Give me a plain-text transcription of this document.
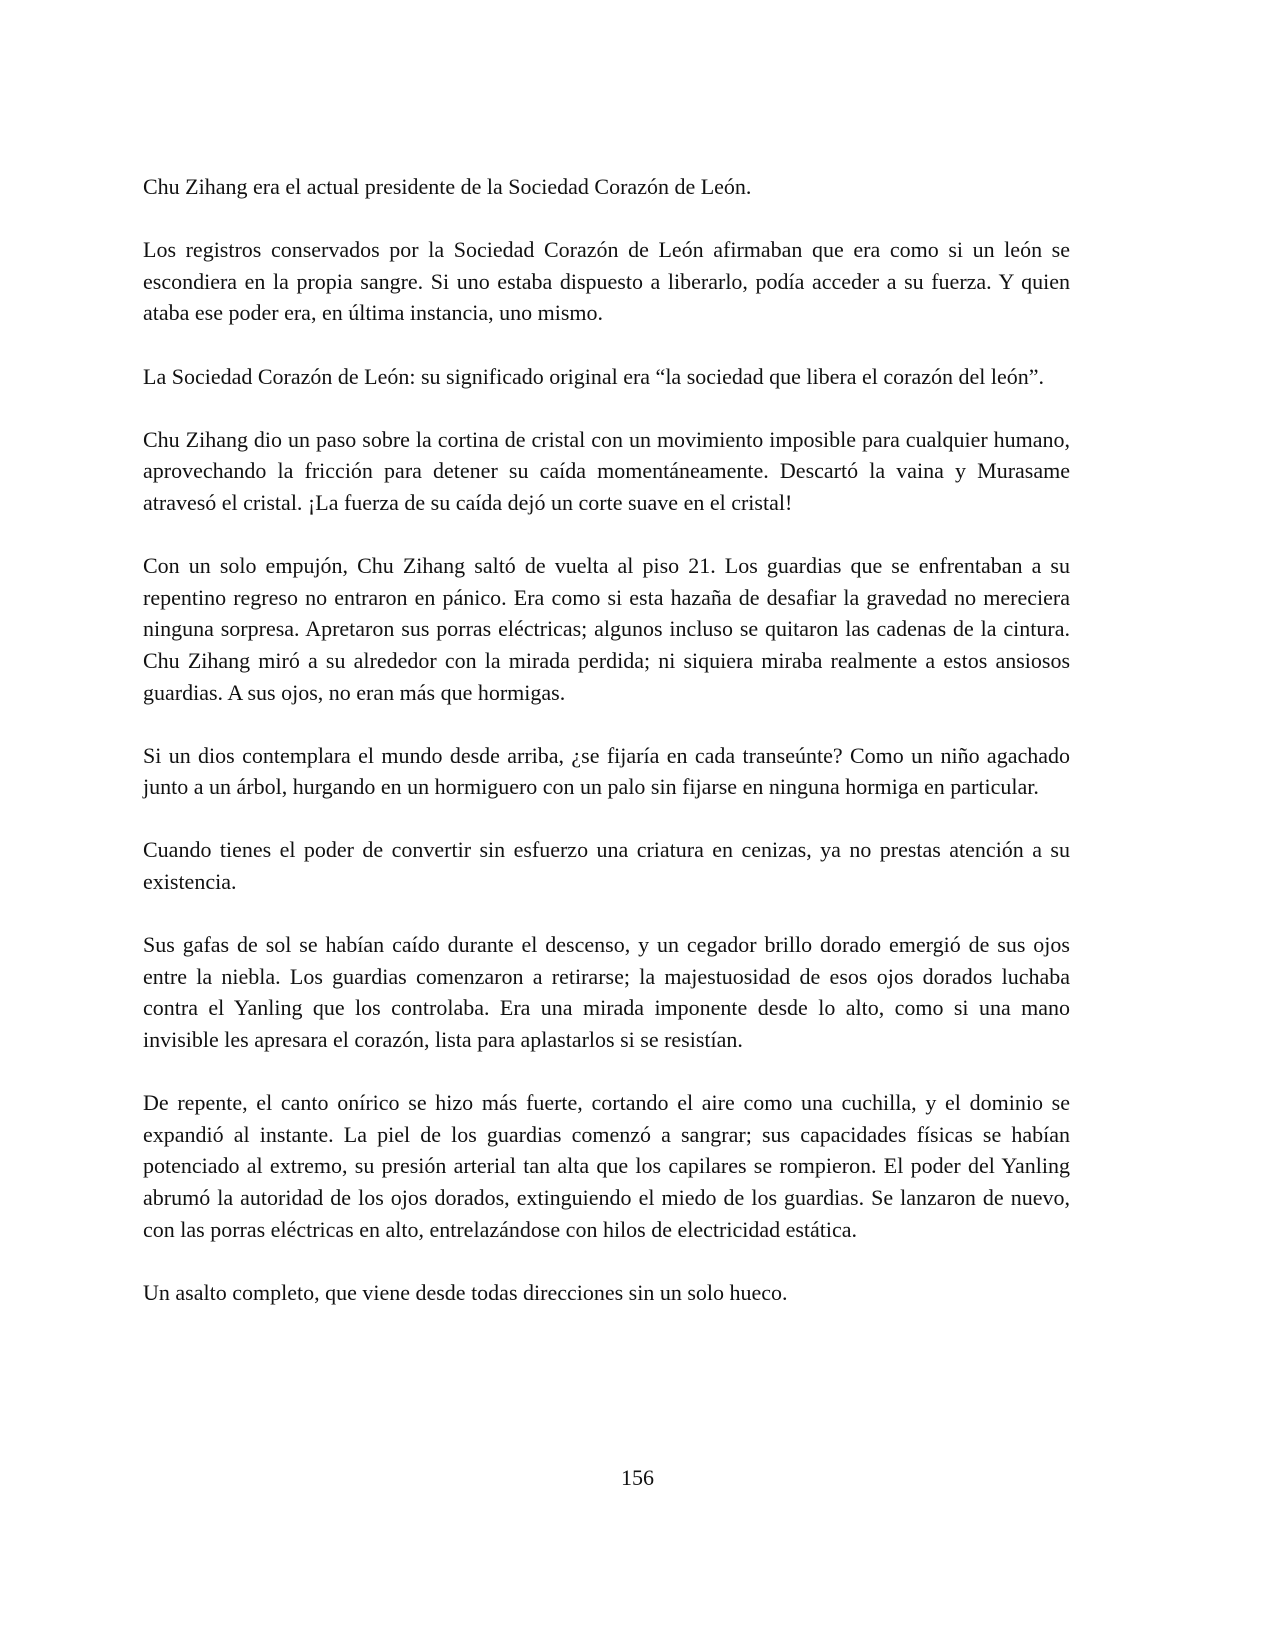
Chu Zihang era el actual presidente de la Sociedad Corazón de León.

Los registros conservados por la Sociedad Corazón de León afirmaban que era como si un león se escondiera en la propia sangre. Si uno estaba dispuesto a liberarlo, podía acceder a su fuerza. Y quien ataba ese poder era, en última instancia, uno mismo.

La Sociedad Corazón de León: su significado original era “la sociedad que libera el corazón del león”.

Chu Zihang dio un paso sobre la cortina de cristal con un movimiento imposible para cualquier humano, aprovechando la fricción para detener su caída momentáneamente. Descartó la vaina y Murasame atravesó el cristal. ¡La fuerza de su caída dejó un corte suave en el cristal!

Con un solo empujón, Chu Zihang saltó de vuelta al piso 21. Los guardias que se enfrentaban a su repentino regreso no entraron en pánico. Era como si esta hazaña de desafiar la gravedad no mereciera ninguna sorpresa. Apretaron sus porras eléctricas; algunos incluso se quitaron las cadenas de la cintura. Chu Zihang miró a su alrededor con la mirada perdida; ni siquiera miraba realmente a estos ansiosos guardias. A sus ojos, no eran más que hormigas.

Si un dios contemplara el mundo desde arriba, ¿se fijaría en cada transeúnte? Como un niño agachado junto a un árbol, hurgando en un hormiguero con un palo sin fijarse en ninguna hormiga en particular.

Cuando tienes el poder de convertir sin esfuerzo una criatura en cenizas, ya no prestas atención a su existencia.

Sus gafas de sol se habían caído durante el descenso, y un cegador brillo dorado emergió de sus ojos entre la niebla. Los guardias comenzaron a retirarse; la majestuosidad de esos ojos dorados luchaba contra el Yanling que los controlaba. Era una mirada imponente desde lo alto, como si una mano invisible les apresara el corazón, lista para aplastarlos si se resistían.

De repente, el canto onírico se hizo más fuerte, cortando el aire como una cuchilla, y el dominio se expandió al instante. La piel de los guardias comenzó a sangrar; sus capacidades físicas se habían potenciado al extremo, su presión arterial tan alta que los capilares se rompieron. El poder del Yanling abrumó la autoridad de los ojos dorados, extinguiendo el miedo de los guardias. Se lanzaron de nuevo, con las porras eléctricas en alto, entrelazándose con hilos de electricidad estática.

Un asalto completo, que viene desde todas direcciones sin un solo hueco.

156
